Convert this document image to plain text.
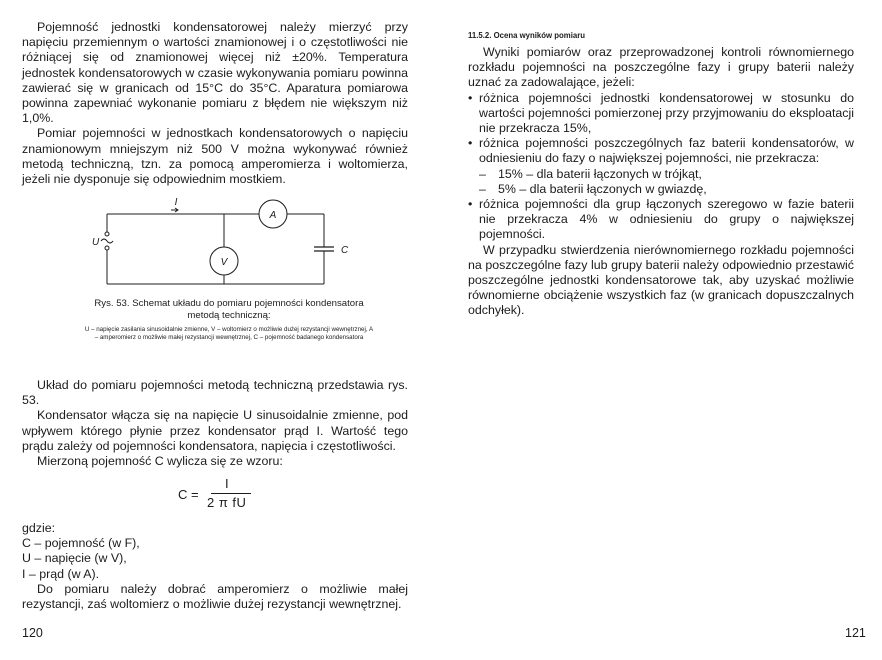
Pojemność jednostki kondensatorowej należy mierzyć przy napięciu przemiennym o wartości znamionowej i o częstotliwości nie różniącej się od znamionowej więcej niż ±20%. Temperatura jednostek kondensatorowych w czasie wykonywania pomiaru powinna zawierać się w granicach od 15°C do 35°C. Aparatura pomiarowa powinna zapewniać wykonanie pomiaru z błędem nie większym niż 1,0%.

Pomiar pojemności w jednostkach kondensatorowych o napięciu znamionowym mniejszym niż 500 V można wykonywać również metodą techniczną, tzn. za pomocą amperomierza i woltomierza, jeżeli nie dysponuje się odpowiednim mostkiem.

I
A
V
U
C
Rys. 53. Schemat układu do pomiaru pojemności kondensatora metodą techniczną:
U – napięcie zasilania sinusoidalnie zmienne, V – woltomierz o możliwie dużej rezystancji wewnętrznej, A – amperomierz o możliwie małej rezystancji wewnętrznej, C – pojemność badanego kondensatora

Układ do pomiaru pojemności metodą techniczną przedstawia rys. 53.

Kondensator włącza się na napięcie U sinusoidalnie zmienne, pod wpływem którego płynie przez kondensator prąd I. Wartość tego prądu zależy od pojemności kondensatora, napięcia i częstotliwości.

Mierzoną pojemność C wylicza się ze wzoru:

C =
I
2 π fU

gdzie:

C – pojemność (w F),

U – napięcie (w V),

I – prąd (w A).

Do pomiaru należy dobrać amperomierz o możliwie małej rezystancji, zaś woltomierz o możliwie dużej rezystancji wewnętrznej.

120
11.5.2. Ocena wyników pomiaru

Wyniki pomiarów oraz przeprowadzonej kontroli równomiernego rozkładu pojemności na poszczególne fazy i grupy baterii należy uznać za zadowalające, jeżeli:

• różnica pojemności jednostki kondensatorowej w stosunku do wartości pojemności pomierzonej przy przyjmowaniu do eksploatacji nie przekracza 15%,

• różnica pojemności poszczególnych faz baterii kondensatorów, w odniesieniu do fazy o największej pojemności, nie przekracza:

– 15% – dla baterii łączonych w trójkąt,

– 5% – dla baterii łączonych w gwiazdę,

• różnica pojemności dla grup łączonych szeregowo w fazie baterii nie przekracza 4% w odniesieniu do grupy o największej pojemności.

W przypadku stwierdzenia nierównomiernego rozkładu pojemności na poszczególne fazy lub grupy baterii należy odpowiednio przestawić poszczególne jednostki kondensatorowe tak, aby uzyskać możliwie równomierne obciążenie wszystkich faz (w granicach dopuszczalnych odchyłek).

121
